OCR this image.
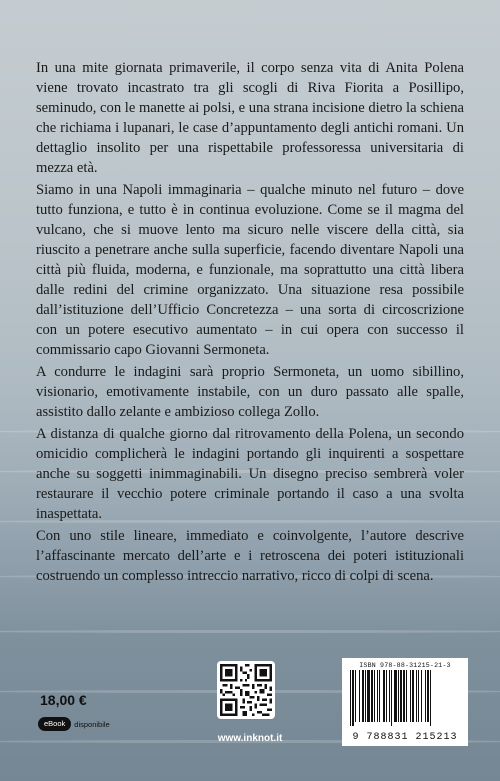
In una mite giornata primaverile, il corpo senza vita di Anita Polena viene trovato incastrato tra gli scogli di Riva Fiorita a Posillipo, seminudo, con le manette ai polsi, e una strana incisione dietro la schiena che richiama i lupanari, le case d’appuntamento degli antichi romani. Un dettaglio insolito per una rispettabile professoressa universitaria di mezza età.

Siamo in una Napoli immaginaria – qualche minuto nel futuro – dove tutto funziona, e tutto è in continua evoluzione. Come se il magma del vulcano, che si muove lento ma sicuro nelle viscere della città, sia riuscito a penetrare anche sulla superficie, facendo diventare Napoli una città più fluida, moderna, e funzionale, ma soprattutto una città libera dalle redini del crimine organizzato. Una situazione resa possibile dall’istituzione dell’Ufficio Concretezza – una sorta di circoscrizione con un potere esecutivo aumentato – in cui opera con successo il commissario capo Giovanni Sermoneta.

A condurre le indagini sarà proprio Sermoneta, un uomo sibillino, visionario, emotivamente instabile, con un duro passato alle spalle, assistito dallo zelante e ambizioso collega Zollo.

A distanza di qualche giorno dal ritrovamento della Polena, un secondo omicidio complicherà le indagini portando gli inquirenti a sospettare anche su soggetti inimmaginabili. Un disegno preciso sembrerà voler restaurare il vecchio potere criminale portando il caso a una svolta inaspettata.

Con uno stile lineare, immediato e coinvolgente, l’autore descrive l’affascinante mercato dell’arte e i retroscena dei poteri istituzionali costruendo un complesso intreccio narrativo, ricco di colpi di scena.

18,00 €
eBook	disponibile
www.inknot.it
ISBN 978-88-31215-21-3
9 788831 215213
